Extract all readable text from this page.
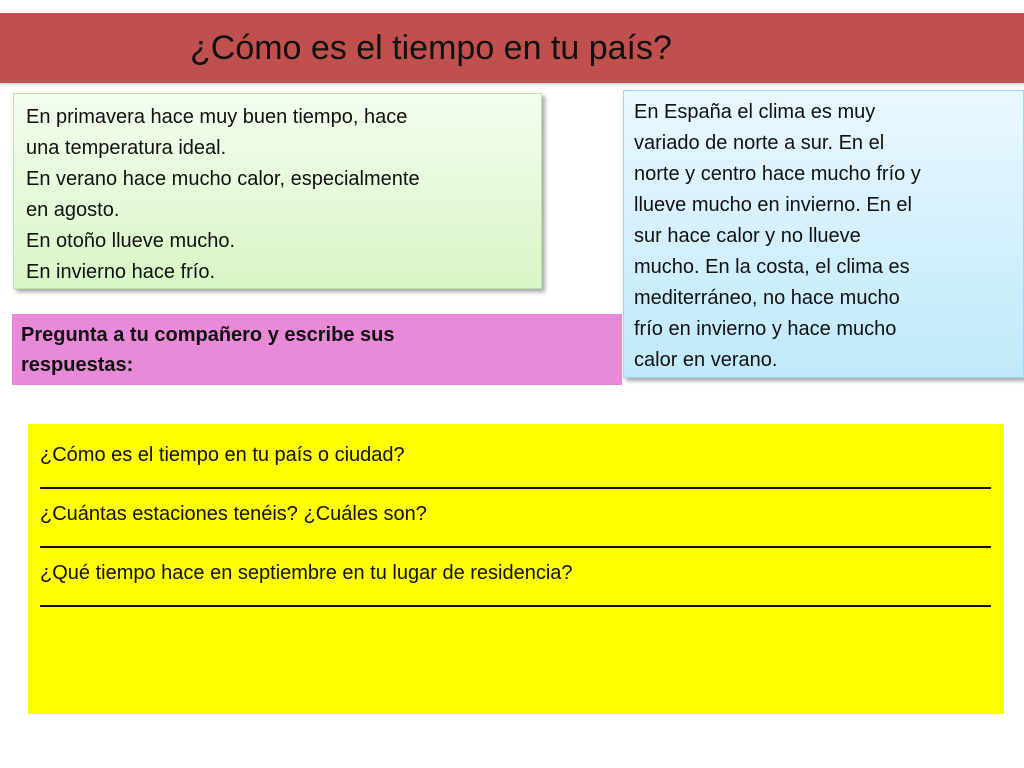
¿Cómo es el tiempo en tu país?
En primavera hace muy buen tiempo, hace
una temperatura ideal.
En verano hace mucho calor, especialmente
en agosto.
En otoño llueve mucho.
En invierno hace frío.
En España el clima es muy
variado de norte a sur. En el
norte y centro hace mucho frío y
llueve mucho en invierno. En el
sur hace calor y no llueve
mucho. En la costa, el clima es
mediterráneo, no hace mucho
frío en invierno y hace mucho
calor en verano.
Pregunta a tu compañero y escribe sus
respuestas:
¿Cómo es el tiempo en tu país o ciudad?
¿Cuántas estaciones tenéis? ¿Cuáles son?
¿Qué tiempo hace en septiembre en tu lugar de residencia?
